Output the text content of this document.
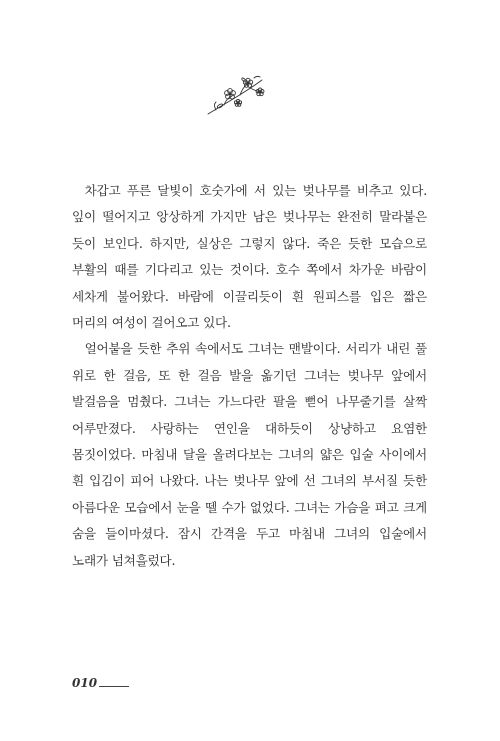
차갑고 푸른 달빛이 호숫가에 서 있는 벚나무를 비추고 있다. 잎이 떨어지고 앙상하게 가지만 남은 벚나무는 완전히 말라붙은 듯이 보인다. 하지만, 실상은 그렇지 않다. 죽은 듯한 모습으로 부활의 때를 기다리고 있는 것이다. 호수 쪽에서 차가운 바람이 세차게 불어왔다. 바람에 이끌리듯이 흰 원피스를 입은 짧은 머리의 여성이 걸어오고 있다.

얼어붙을 듯한 추위 속에서도 그녀는 맨발이다. 서리가 내린 풀 위로 한 걸음, 또 한 걸음 발을 옮기던 그녀는 벚나무 앞에서 발걸음을 멈췄다. 그녀는 가느다란 팔을 뻗어 나무줄기를 살짝 어루만졌다. 사랑하는 연인을 대하듯이 상냥하고 요염한 몸짓이었다. 마침내 달을 올려다보는 그녀의 얇은 입술 사이에서 흰 입김이 피어 나왔다. 나는 벚나무 앞에 선 그녀의 부서질 듯한 아름다운 모습에서 눈을 뗄 수가 없었다. 그녀는 가슴을 펴고 크게 숨을 들이마셨다. 잠시 간격을 두고 마침내 그녀의 입술에서 노래가 넘쳐흘렀다.

010
